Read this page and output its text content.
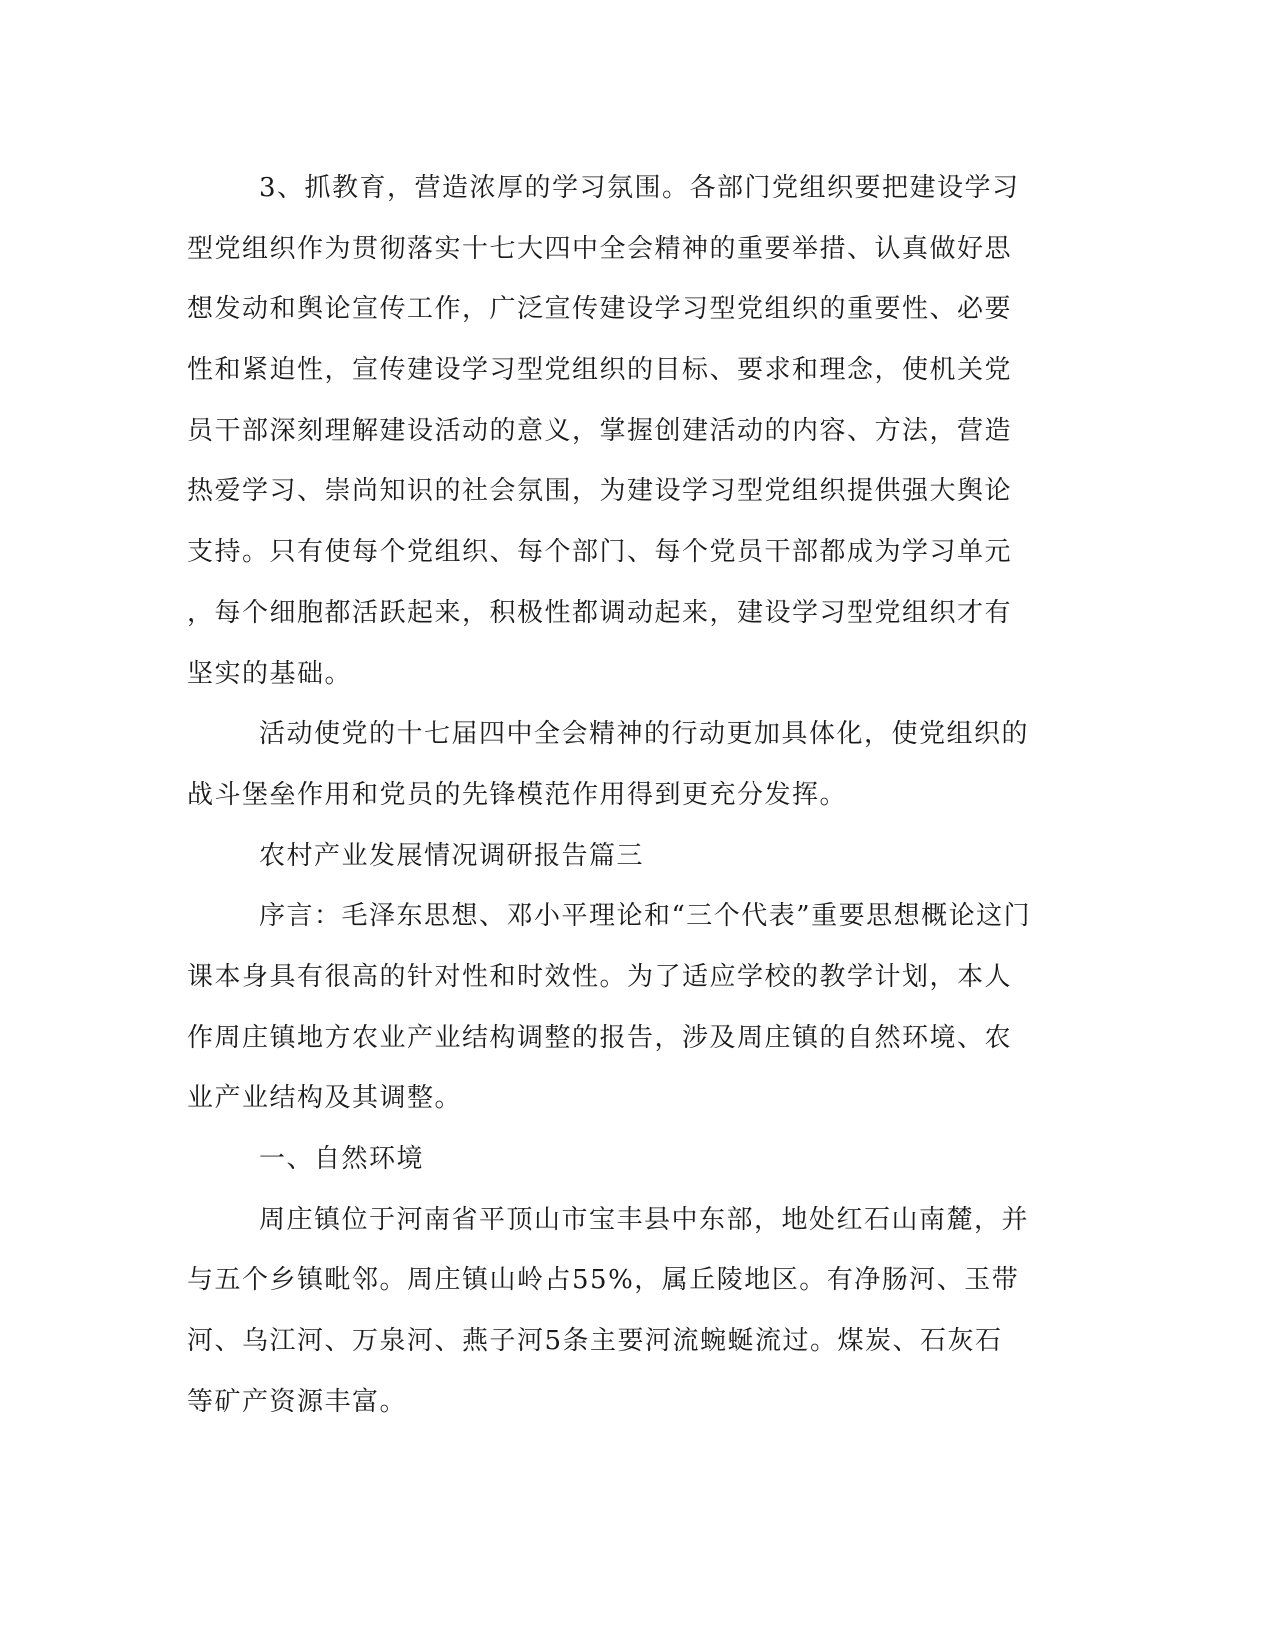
3、抓教育，营造浓厚的学习氛围。各部门党组织要把建设学习
型党组织作为贯彻落实十七大四中全会精神的重要举措、认真做好思
想发动和舆论宣传工作，广泛宣传建设学习型党组织的重要性、必要
性和紧迫性，宣传建设学习型党组织的目标、要求和理念，使机关党
员干部深刻理解建设活动的意义，掌握创建活动的内容、方法，营造
热爱学习、崇尚知识的社会氛围，为建设学习型党组织提供强大舆论
支持。只有使每个党组织、每个部门、每个党员干部都成为学习单元
，每个细胞都活跃起来，积极性都调动起来，建设学习型党组织才有
坚实的基础。
活动使党的十七届四中全会精神的行动更加具体化，使党组织的
战斗堡垒作用和党员的先锋模范作用得到更充分发挥。
农村产业发展情况调研报告篇三
序言：毛泽东思想、邓小平理论和“三个代表”重要思想概论这门
课本身具有很高的针对性和时效性。为了适应学校的教学计划，本人
作周庄镇地方农业产业结构调整的报告，涉及周庄镇的自然环境、农
业产业结构及其调整。
一、自然环境
周庄镇位于河南省平顶山市宝丰县中东部，地处红石山南麓，并
与五个乡镇毗邻。周庄镇山岭占55%，属丘陵地区。有净肠河、玉带
河、乌江河、万泉河、燕子河5条主要河流蜿蜒流过。煤炭、石灰石
等矿产资源丰富。
